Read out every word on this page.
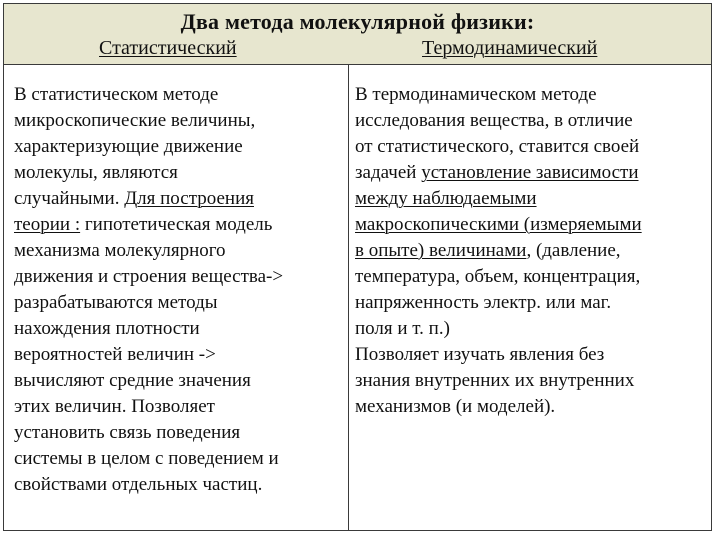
Два метода молекулярной физики:
Статистический	Термодинамический
В статистическом методе
микроскопические величины,
характеризующие движение
молекулы, являются
случайными. Для построения
теории : гипотетическая модель
механизма молекулярного
движения и строения вещества->
разрабатываются методы
нахождения плотности
вероятностей величин ->
вычисляют средние значения
этих величин. Позволяет
установить связь поведения
системы в целом с поведением и
свойствами отдельных частиц.
В термодинамическом методе
исследования вещества, в отличие
от статистического, ставится своей
задачей установление зависимости
между наблюдаемыми
макроскопическими (измеряемыми
в опыте) величинами, (давление,
температура, объем, концентрация,
напряженность электр. или маг.
поля и т. п.)
Позволяет изучать явления без
знания внутренних их внутренних
механизмов (и моделей).
